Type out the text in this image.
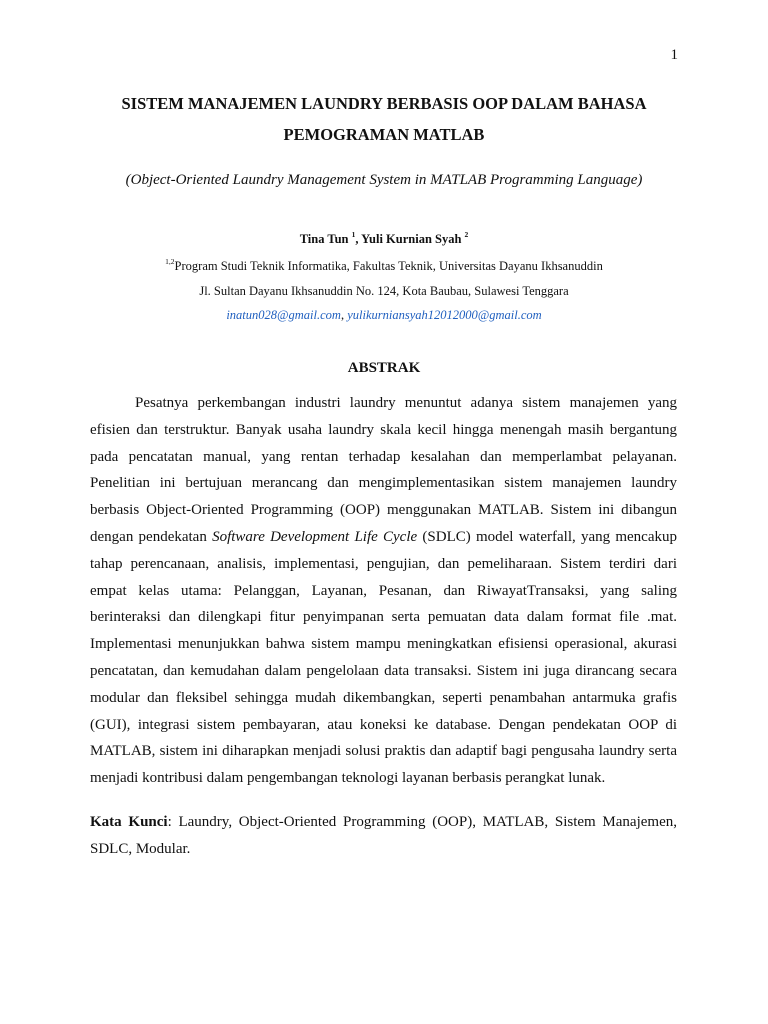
1
SISTEM MANAJEMEN LAUNDRY BERBASIS OOP DALAM BAHASA
PEMOGRAMAN MATLAB
(Object-Oriented Laundry Management System in MATLAB Programming Language)
Tina Tun $^1$, Yuli Kurnian Syah $^2$
$^{1,2}$Program Studi Teknik Informatika, Fakultas Teknik, Universitas Dayanu Ikhsanuddin
Jl. Sultan Dayanu Ikhsanuddin No. 124, Kota Baubau, Sulawesi Tenggara
inatun028@gmail.com, yulikurniansyah12012000@gmail.com
ABSTRAK

Pesatnya perkembangan industri laundry menuntut adanya sistem manajemen yang efisien dan terstruktur. Banyak usaha laundry skala kecil hingga menengah masih bergantung pada pencatatan manual, yang rentan terhadap kesalahan dan memperlambat pelayanan. Penelitian ini bertujuan merancang dan mengimplementasikan sistem manajemen laundry berbasis Object-Oriented Programming (OOP) menggunakan MATLAB. Sistem ini dibangun dengan pendekatan Software Development Life Cycle (SDLC) model waterfall, yang mencakup tahap perencanaan, analisis, implementasi, pengujian, dan pemeliharaan. Sistem terdiri dari empat kelas utama: Pelanggan, Layanan, Pesanan, dan RiwayatTransaksi, yang saling berinteraksi dan dilengkapi fitur penyimpanan serta pemuatan data dalam format file .mat. Implementasi menunjukkan bahwa sistem mampu meningkatkan efisiensi operasional, akurasi pencatatan, dan kemudahan dalam pengelolaan data transaksi. Sistem ini juga dirancang secara modular dan fleksibel sehingga mudah dikembangkan, seperti penambahan antarmuka grafis (GUI), integrasi sistem pembayaran, atau koneksi ke database. Dengan pendekatan OOP di MATLAB, sistem ini diharapkan menjadi solusi praktis dan adaptif bagi pengusaha laundry serta menjadi kontribusi dalam pengembangan teknologi layanan berbasis perangkat lunak.

Kata Kunci: Laundry, Object-Oriented Programming (OOP), MATLAB, Sistem Manajemen, SDLC, Modular.
